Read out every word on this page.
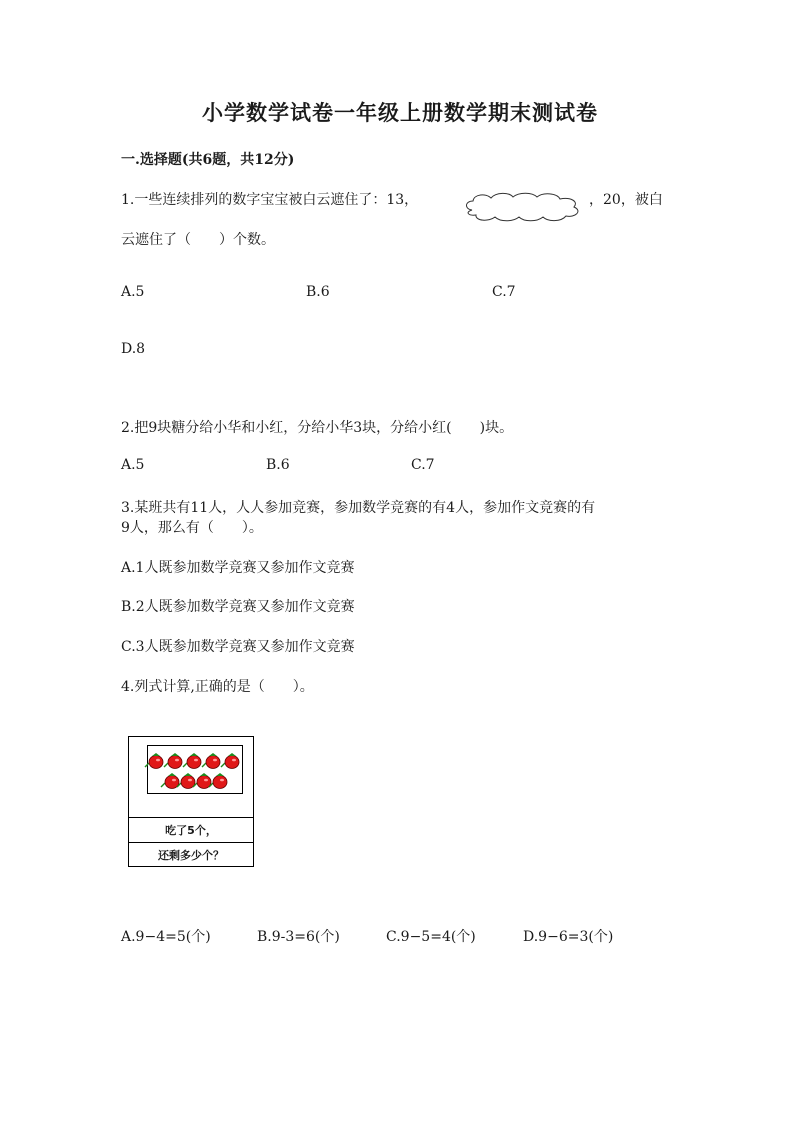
小学数学试卷一年级上册数学期末测试卷
一.选择题(共6题，共12分)
1.一些连续排列的数字宝宝被白云遮住了：13，	，20，被白
云遮住了（　　）个数。
A.5	B.6	C.7
D.8
2.把9块糖分给小华和小红，分给小华3块，分给小红(　　)块。
A.5	B.6	C.7
3.某班共有11人，人人参加竞赛，参加数学竞赛的有4人，参加作文竞赛的有
9人，那么有（　　）。
A.1人既参加数学竞赛又参加作文竞赛
B.2人既参加数学竞赛又参加作文竞赛
C.3人既参加数学竞赛又参加作文竞赛
4.列式计算,正确的是（　　）。
吃了5个，
还剩多少个？
A.9−4=5(个)	B.9-3=6(个)	C.9−5=4(个)	D.9−6=3(个)
